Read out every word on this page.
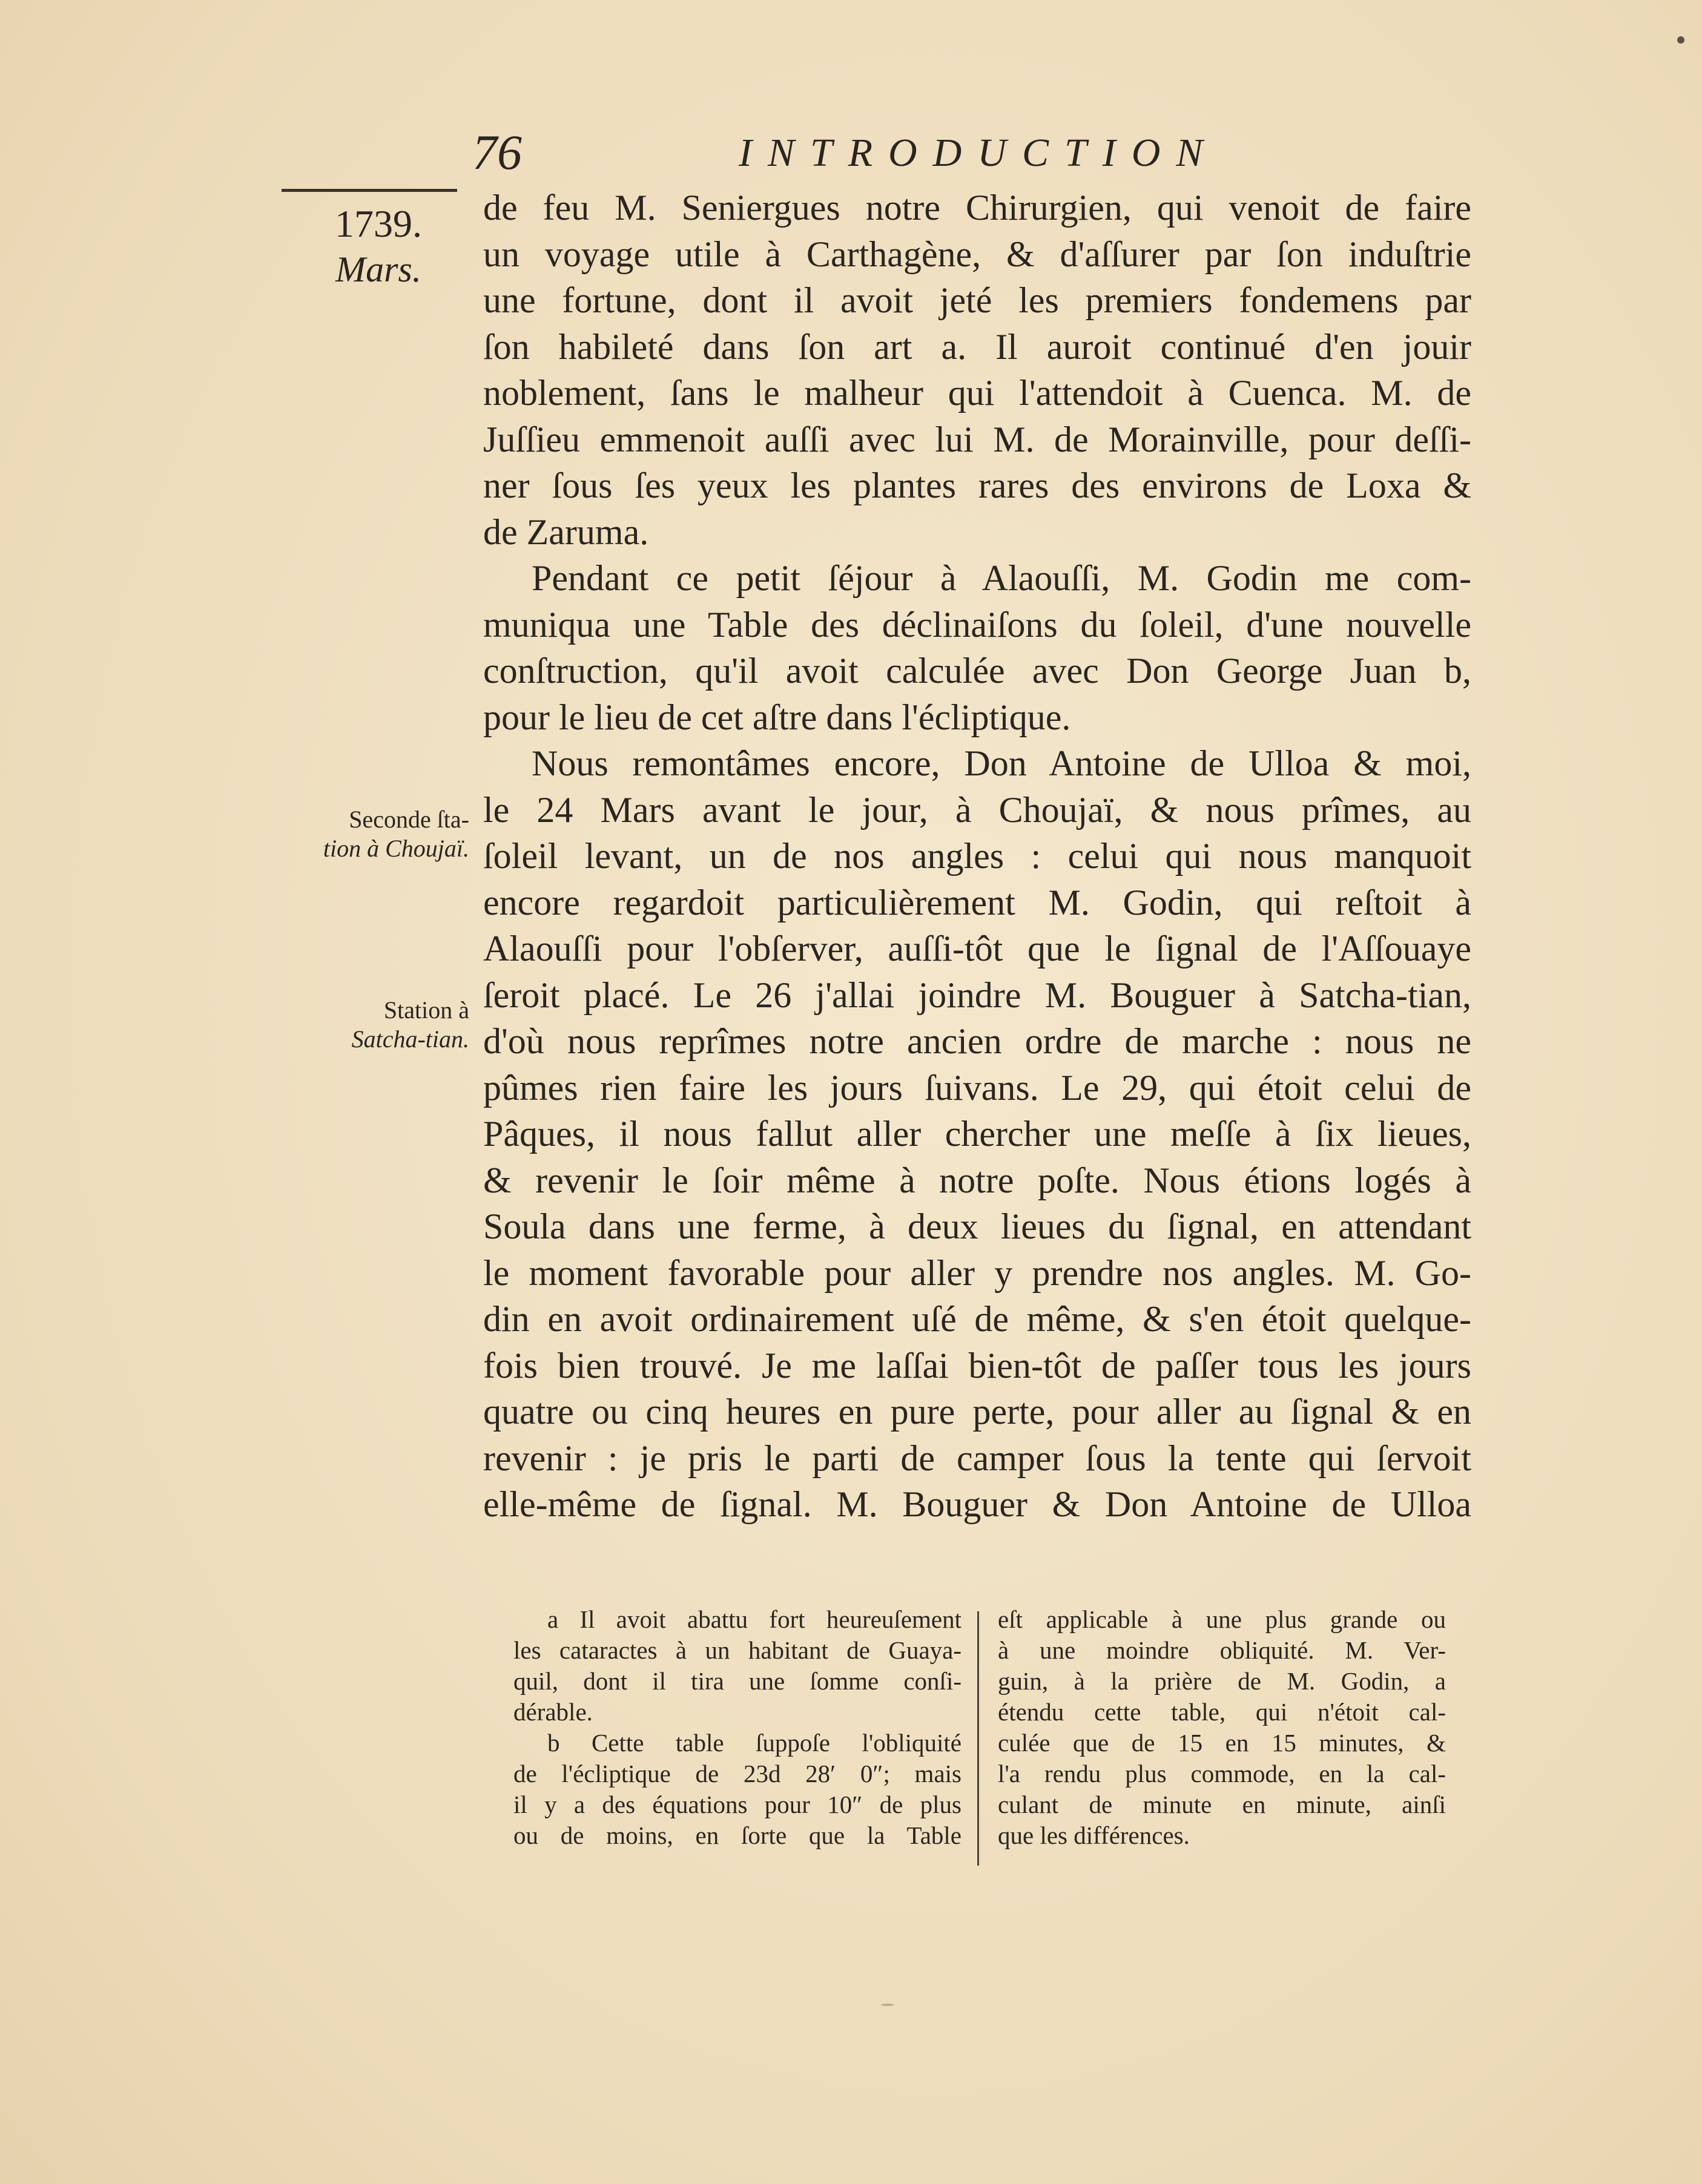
76	INTRODUCTION
1739.
Mars.
Seconde ſta-
tion à Choujaï.
Station à
Satcha-tian.
de feu M. Seniergues notre Chirurgien, qui venoit de faire
un voyage utile à Carthagène, & d'aſſurer par ſon induſtrie
une fortune, dont il avoit jeté les premiers fondemens par
ſon habileté dans ſon art a. Il auroit continué d'en jouir
noblement, ſans le malheur qui l'attendoit à Cuenca. M. de
Juſſieu emmenoit auſſi avec lui M. de Morainville, pour deſſi-
ner ſous ſes yeux les plantes rares des environs de Loxa &
de Zaruma.
Pendant ce petit ſéjour à Alaouſſi, M. Godin me com-
muniqua une Table des déclinaiſons du ſoleil, d'une nouvelle
conſtruction, qu'il avoit calculée avec Don George Juan b,
pour le lieu de cet aſtre dans l'écliptique.
Nous remontâmes encore, Don Antoine de Ulloa & moi,
le 24 Mars avant le jour, à Choujaï, & nous prîmes, au
ſoleil levant, un de nos angles : celui qui nous manquoit
encore regardoit particulièrement M. Godin, qui reſtoit à
Alaouſſi pour l'obſerver, auſſi-tôt que le ſignal de l'Aſſouaye
ſeroit placé. Le 26 j'allai joindre M. Bouguer à Satcha-tian,
d'où nous reprîmes notre ancien ordre de marche : nous ne
pûmes rien faire les jours ſuivans. Le 29, qui étoit celui de
Pâques, il nous fallut aller chercher une meſſe à ſix lieues,
& revenir le ſoir même à notre poſte. Nous étions logés à
Soula dans une ferme, à deux lieues du ſignal, en attendant
le moment favorable pour aller y prendre nos angles. M. Go-
din en avoit ordinairement uſé de même, & s'en étoit quelque-
fois bien trouvé. Je me laſſai bien-tôt de paſſer tous les jours
quatre ou cinq heures en pure perte, pour aller au ſignal & en
revenir : je pris le parti de camper ſous la tente qui ſervoit
elle-même de ſignal. M. Bouguer & Don Antoine de Ulloa
a Il avoit abattu fort heureuſement
les cataractes à un habitant de Guaya-
quil, dont il tira une ſomme conſi-
dérable.
b Cette table ſuppoſe l'obliquité
de l'écliptique de 23d 28′ 0″; mais
il y a des équations pour 10″ de plus
ou de moins, en ſorte que la Table
eſt applicable à une plus grande ou
à une moindre obliquité. M. Ver-
guin, à la prière de M. Godin, a
étendu cette table, qui n'étoit cal-
culée que de 15 en 15 minutes, &
l'a rendu plus commode, en la cal-
culant de minute en minute, ainſi
que les différences.
